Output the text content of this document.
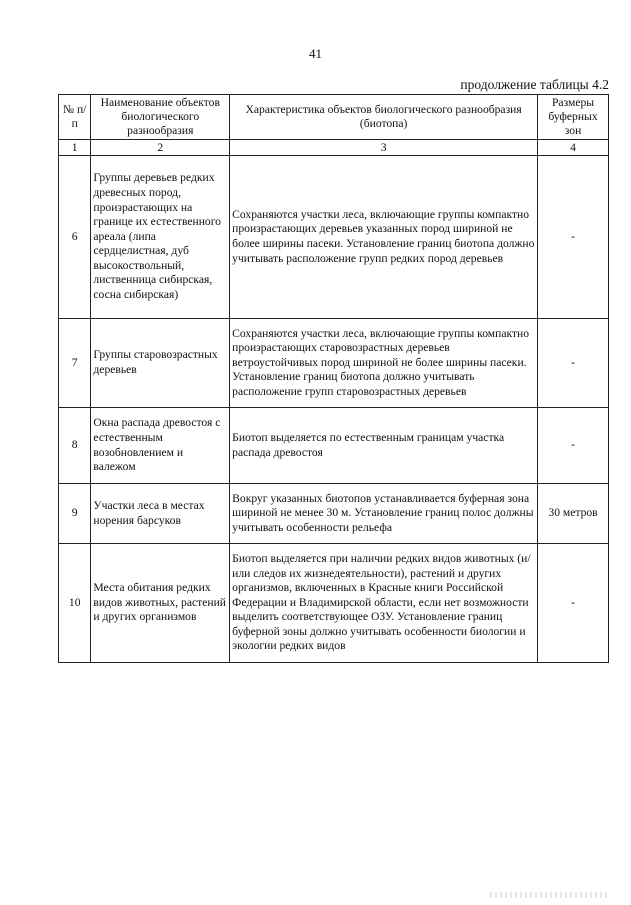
41
продолжение таблицы 4.2
№ п/п	Наименование объектов биологического разнообразия	Характеристика объектов биологического разнообразия (биотопа)	Размеры буферных зон
1	2	3	4
6	Группы деревьев редких древесных пород, произрастающих на границе их естественного ареала (липа сердцелистная, дуб высокоствольный, лиственница сибирская, сосна сибирская)	Сохраняются участки леса, включающие группы компактно произрастающих деревьев указанных пород шириной не более ширины пасеки. Установление границ биотопа должно учитывать расположение групп редких пород деревьев	-
7	Группы старовозрастных деревьев	Сохраняются участки леса, включающие группы компактно произрастающих старовозрастных деревьев ветроустойчивых пород шириной не более ширины пасеки. Установление границ биотопа должно учитывать расположение групп старовозрастных деревьев	-
8	Окна распада древостоя с естественным возобновлением и валежом	Биотоп выделяется по естественным границам участка распада древостоя	-
9	Участки леса в местах норения барсуков	Вокруг указанных биотопов устанавливается буферная зона шириной не менее 30 м. Установление границ полос должны учитывать особенности рельефа	30 метров
10	Места обитания редких видов животных, растений и других организмов	Биотоп выделяется при наличии редких видов животных (и/или следов их жизнедеятельности), растений и других организмов, включенных в Красные книги Российской Федерации и Владимирской области, если нет возможности выделить соответствующее ОЗУ. Установление границ буферной зоны должно учитывать особенности биологии и экологии редких видов	-
